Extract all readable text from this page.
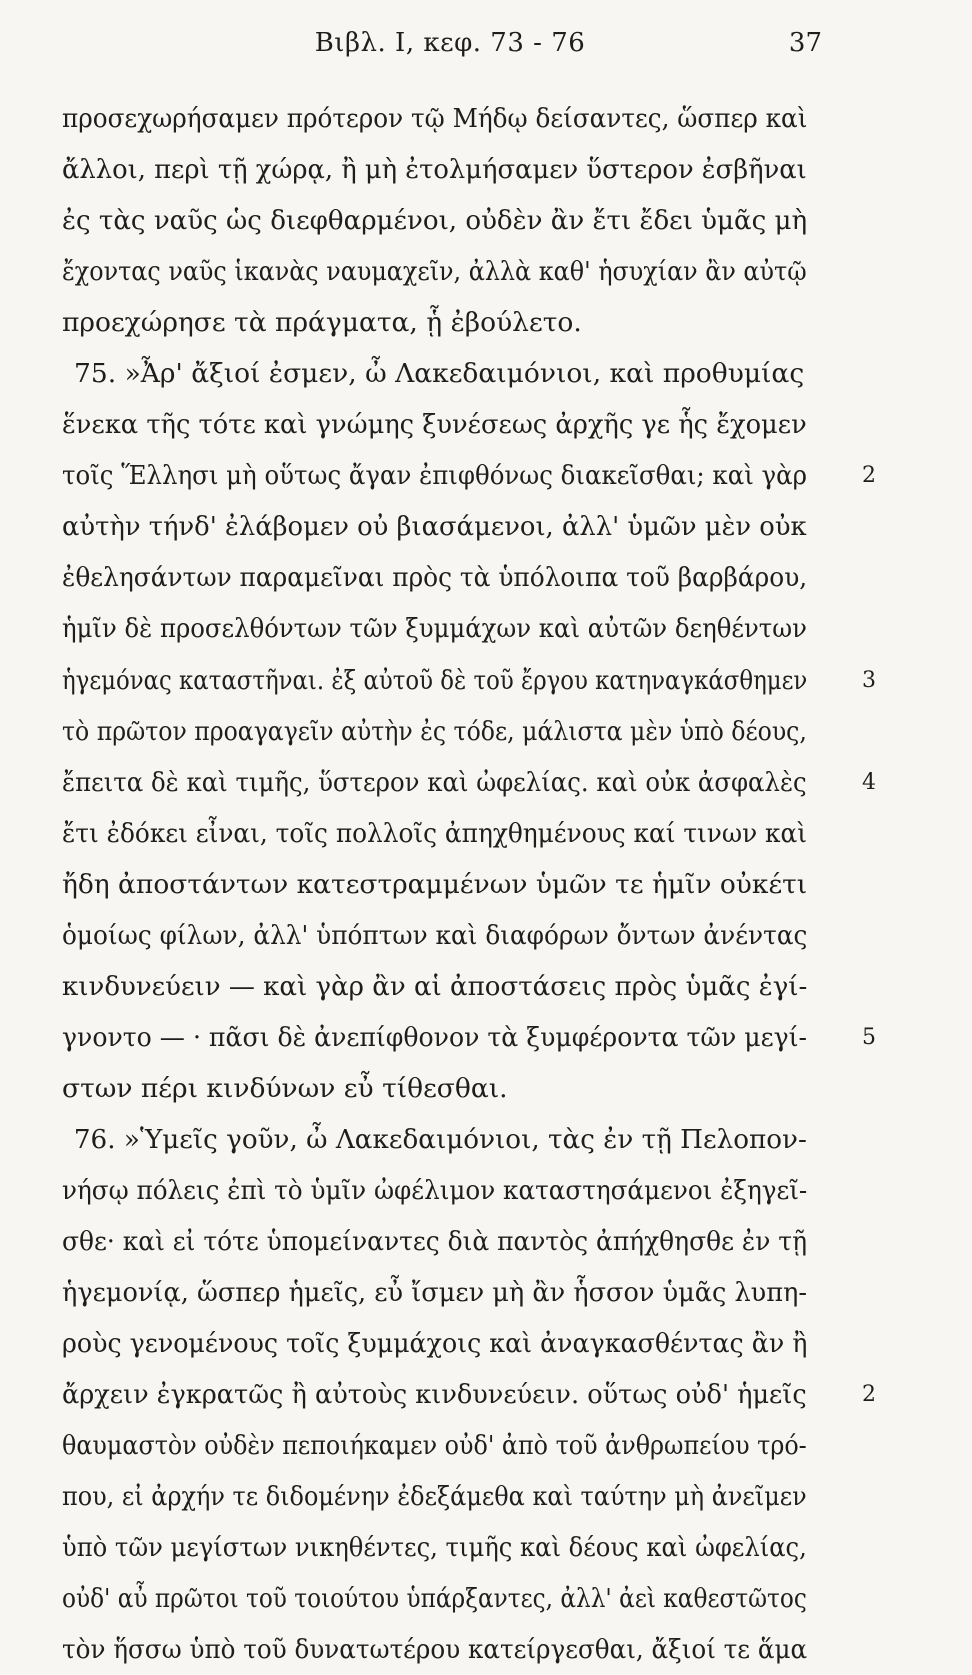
Βιβλ. I, κεφ. 73 - 76	37
προσεχωρήσαμεν πρότερον τῷ Μήδῳ δείσαντες, ὥσπερ καὶ
ἄλλοι, περὶ τῇ χώρᾳ, ἢ μὴ ἐτολμήσαμεν ὕστερον ἐσβῆναι
ἐς τὰς ναῦς ὡς διεφθαρμένοι, οὐδὲν ἂν ἔτι ἔδει ὑμᾶς μὴ
ἔχοντας ναῦς ἱκανὰς ναυμαχεῖν, ἀλλὰ καθ' ἡσυχίαν ἂν αὐτῷ
προεχώρησε τὰ πράγματα, ᾗ ἐβούλετο.
75. »Ἆρ' ἄξιοί ἐσμεν, ὦ Λακεδαιμόνιοι, καὶ προθυμίας
ἕνεκα τῆς τότε καὶ γνώμης ξυνέσεως ἀρχῆς γε ἧς ἔχομεν
τοῖς Ἕλλησι μὴ οὕτως ἄγαν ἐπιφθόνως διακεῖσθαι; καὶ γὰρ 2
αὐτὴν τήνδ' ἐλάβομεν οὐ βιασάμενοι, ἀλλ' ὑμῶν μὲν οὐκ
ἐθελησάντων παραμεῖναι πρὸς τὰ ὑπόλοιπα τοῦ βαρβάρου,
ἡμῖν δὲ προσελθόντων τῶν ξυμμάχων καὶ αὐτῶν δεηθέντων
ἡγεμόνας καταστῆναι. ἐξ αὐτοῦ δὲ τοῦ ἔργου κατηναγκάσθημεν 3
τὸ πρῶτον προαγαγεῖν αὐτὴν ἐς τόδε, μάλιστα μὲν ὑπὸ δέους,
ἔπειτα δὲ καὶ τιμῆς, ὕστερον καὶ ὠφελίας. καὶ οὐκ ἀσφαλὲς	4
ἔτι ἐδόκει εἶναι, τοῖς πολλοῖς ἀπηχθημένους καί τινων καὶ
ἤδη ἀποστάντων κατεστραμμένων ὑμῶν τε ἡμῖν οὐκέτι
ὁμοίως φίλων, ἀλλ' ὑπόπτων καὶ διαφόρων ὄντων ἀνέντας
κινδυνεύειν — καὶ γὰρ ἂν αἱ ἀποστάσεις πρὸς ὑμᾶς ἐγί-
γνοντο — · πᾶσι δὲ ἀνεπίφθονον τὰ ξυμφέροντα τῶν μεγί-	5
στων πέρι κινδύνων εὖ τίθεσθαι.
76. »Ὑμεῖς γοῦν, ὦ Λακεδαιμόνιοι, τὰς ἐν τῇ Πελοπον-
νήσῳ πόλεις ἐπὶ τὸ ὑμῖν ὠφέλιμον καταστησάμενοι ἐξηγεῖ-
σθε· καὶ εἰ τότε ὑπομείναντες διὰ παντὸς ἀπήχθησθε ἐν τῇ
ἡγεμονίᾳ, ὥσπερ ἡμεῖς, εὖ ἴσμεν μὴ ἂν ἧσσον ὑμᾶς λυπη-
ροὺς γενομένους τοῖς ξυμμάχοις καὶ ἀναγκασθέντας ἂν ἢ
ἄρχειν ἐγκρατῶς ἢ αὐτοὺς κινδυνεύειν. οὕτως οὐδ' ἡμεῖς	2
θαυμαστὸν οὐδὲν πεποιήκαμεν οὐδ' ἀπὸ τοῦ ἀνθρωπείου τρό-
που, εἰ ἀρχήν τε διδομένην ἐδεξάμεθα καὶ ταύτην μὴ ἀνεῖμεν
ὑπὸ τῶν μεγίστων νικηθέντες, τιμῆς καὶ δέους καὶ ὠφελίας,
οὐδ' αὖ πρῶτοι τοῦ τοιούτου ὑπάρξαντες, ἀλλ' ἀεὶ καθεστῶτος
τὸν ἥσσω ὑπὸ τοῦ δυνατωτέρου κατείργεσθαι, ἄξιοί τε ἅμα
